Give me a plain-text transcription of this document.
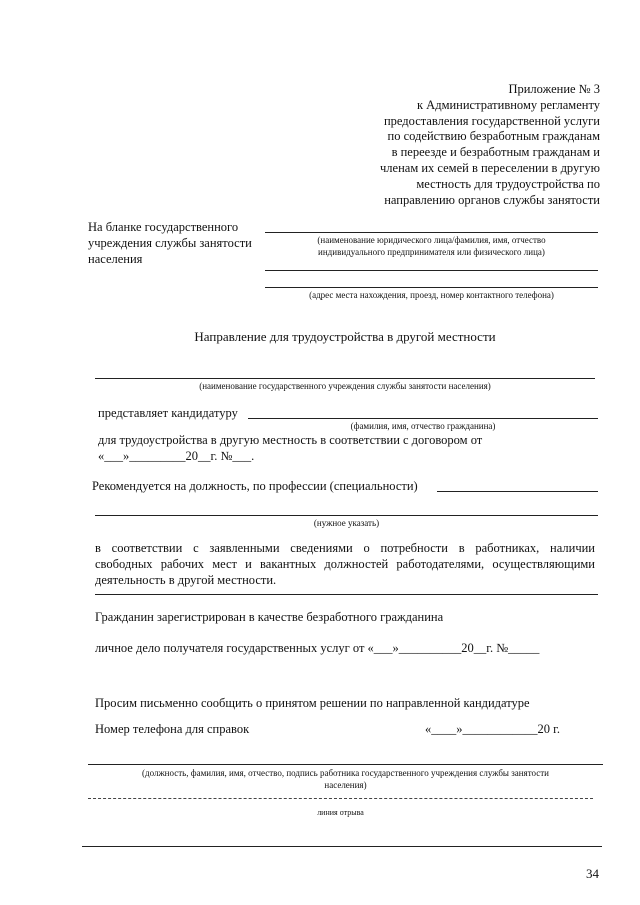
Приложение № 3
к Административному регламенту
предоставления государственной услуги
по содействию безработным гражданам
в переезде и безработным гражданам и
членам их семей в переселении в другую
местность для трудоустройства по
направлению органов службы занятости
На бланке государственного
учреждения службы занятости
населения
(наименование юридического лица/фамилия, имя, отчество
индивидуального предпринимателя или физического лица)
(адрес места нахождения, проезд, номер контактного телефона)
Направление для трудоустройства в другой местности
(наименование государственного учреждения службы занятости населения)
представляет кандидатуру
(фамилия, имя, отчество гражданина)
для трудоустройства в другую местность в соответствии с договором от
«___»_________20__г. №___.
Рекомендуется на должность, по профессии (специальности)
(нужное указать)
в соответствии с заявленными сведениями о потребности в работниках, наличии
свободных рабочих мест и вакантных должностей работодателями, осуществляющими
деятельность в другой местности.
Гражданин зарегистрирован в качестве безработного гражданина
личное дело получателя государственных услуг от «___»__________20__г. №_____
Просим письменно сообщить о принятом решении по направленной кандидатуре
Номер телефона для справок	«____»____________20 г.
(должность, фамилия, имя, отчество, подпись работника государственного учреждения службы занятости
населения)
линия отрыва
34
